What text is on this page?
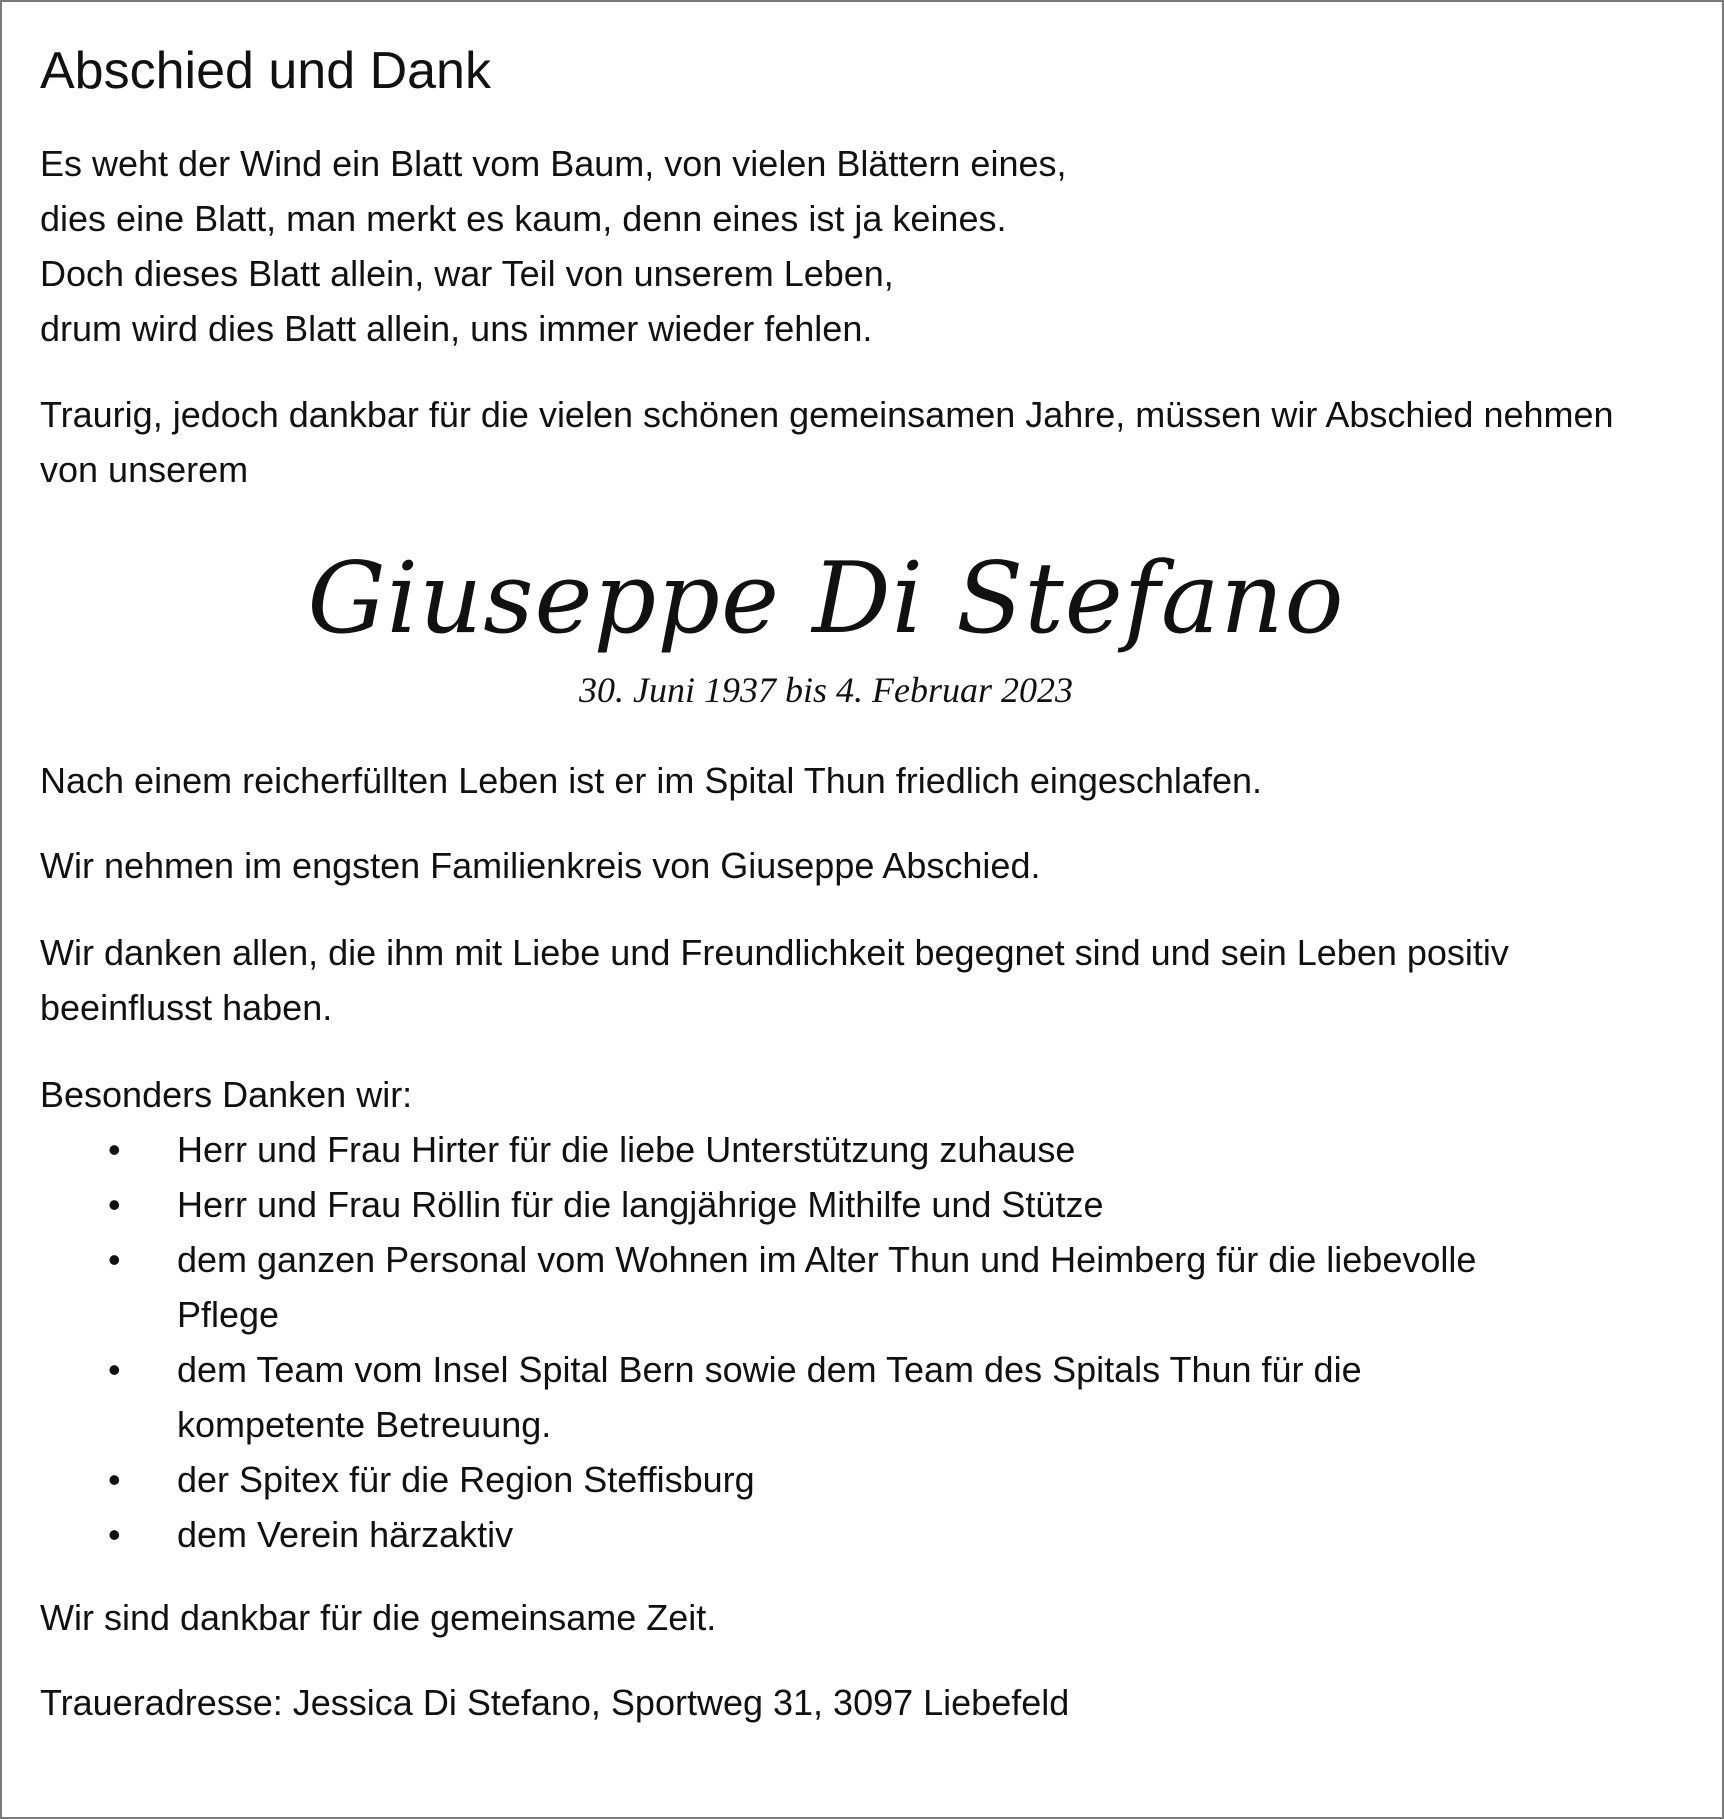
Abschied und Dank
Es weht der Wind ein Blatt vom Baum, von vielen Blättern eines,
dies eine Blatt, man merkt es kaum, denn eines ist ja keines.
Doch dieses Blatt allein, war Teil von unserem Leben,
drum wird dies Blatt allein, uns immer wieder fehlen.

Traurig, jedoch dankbar für die vielen schönen gemeinsamen Jahre, müssen wir Abschied nehmen von unserem

Giuseppe Di Stefano
30. Juni 1937 bis 4. Februar 2023

Nach einem reicherfüllten Leben ist er im Spital Thun friedlich eingeschlafen.

Wir nehmen im engsten Familienkreis von Giuseppe Abschied.

Wir danken allen, die ihm mit Liebe und Freundlichkeit begegnet sind und sein Leben positiv beeinflusst haben.

Besonders Danken wir:

•	Herr und Frau Hirter für die liebe Unterstützung zuhause
•	Herr und Frau Röllin für die langjährige Mithilfe und Stütze
•	dem ganzen Personal vom Wohnen im Alter Thun und Heimberg für die liebevolle Pflege
•	dem Team vom Insel Spital Bern sowie dem Team des Spitals Thun für die kompetente Betreuung.
•	der Spitex für die Region Steffisburg
•	dem Verein härzaktiv

Wir sind dankbar für die gemeinsame Zeit.

Traueradresse: Jessica Di Stefano, Sportweg 31, 3097 Liebefeld
